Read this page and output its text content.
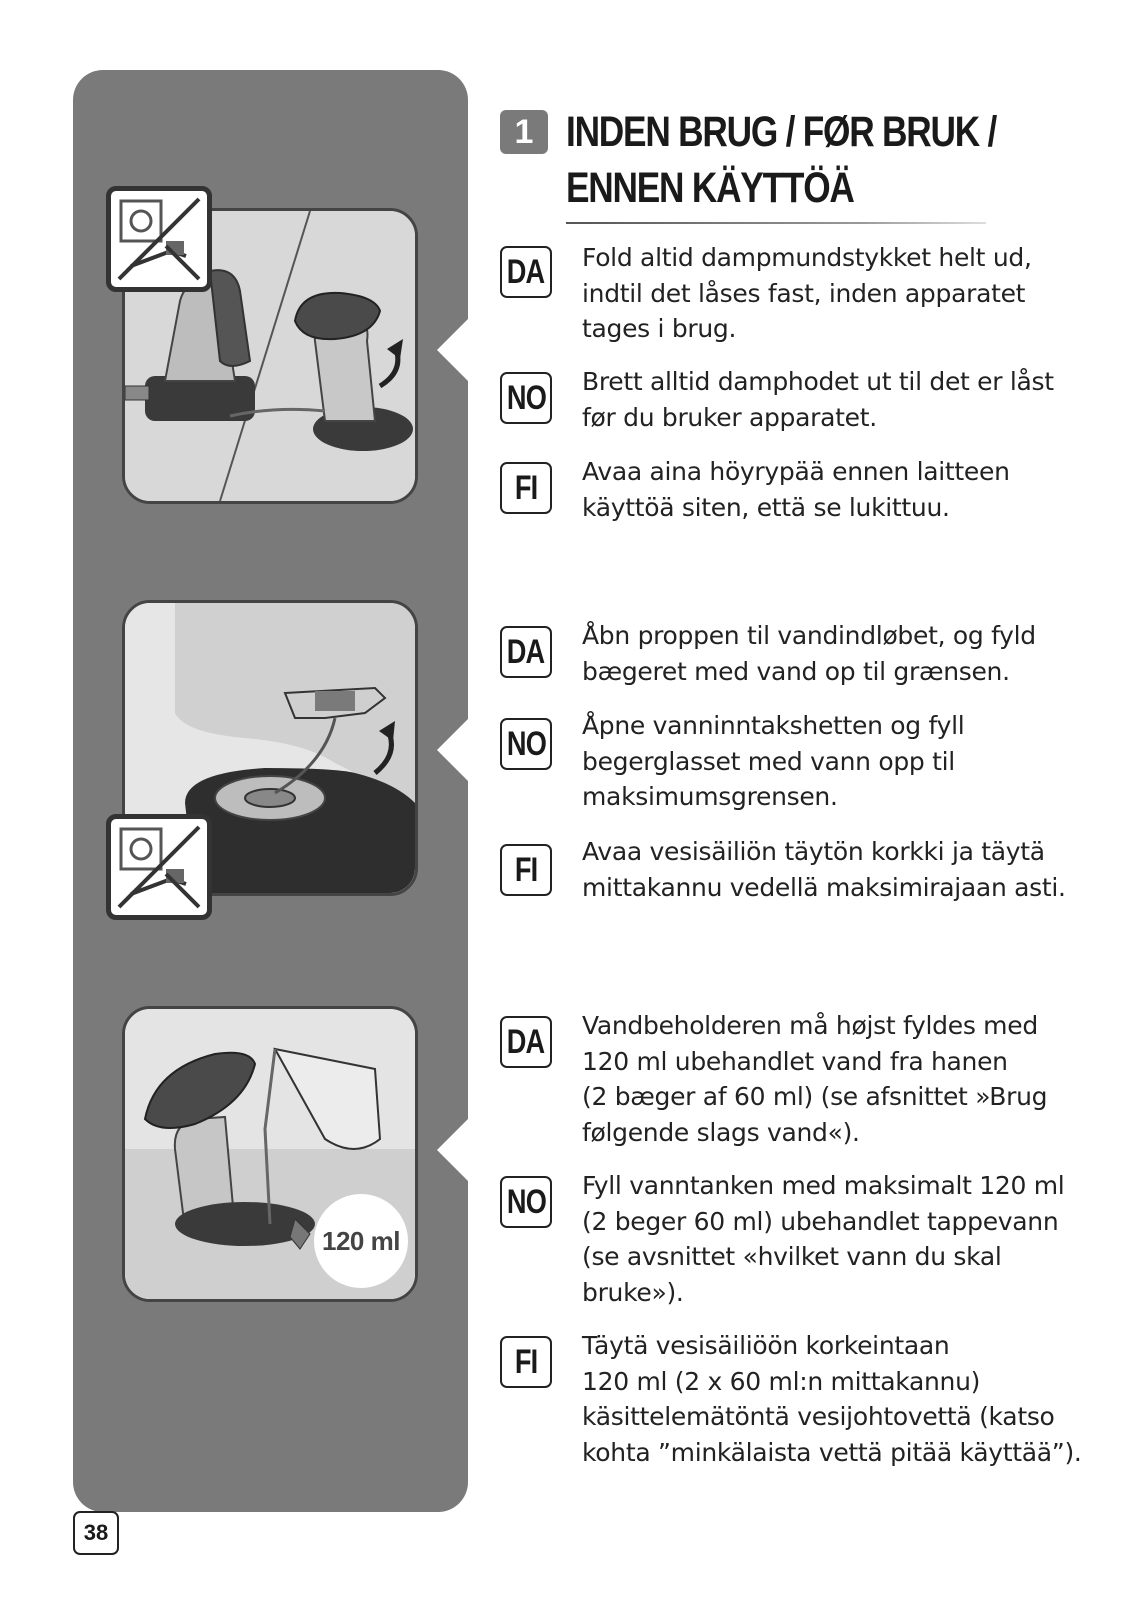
120 ml
1 INDEN BRUG / FØR BRUK /
ENNEN KÄYTTÖÄ
DA Fold altid dampmundstykket helt ud,
indtil det låses fast, inden apparatet
tages i brug.
NO Brett alltid damphodet ut til det er låst
før du bruker apparatet.
FI	Avaa aina höyrypää ennen laitteen
käyttöä siten, että se lukittuu.
DA Åbn proppen til vandindløbet, og fyld
bægeret med vand op til grænsen.
NO Åpne vanninntakshetten og fyll
begerglasset med vann opp til
maksimumsgrensen.
FI	Avaa vesisäiliön täytön korkki ja täytä
mittakannu vedellä maksimirajaan asti.
DA Vandbeholderen må højst fyldes med
120 ml ubehandlet vand fra hanen
(2 bæger af 60 ml) (se afsnittet »Brug
følgende slags vand«).
NO Fyll vanntanken med maksimalt 120 ml
(2 beger 60 ml) ubehandlet tappevann
(se avsnittet «hvilket vann du skal
bruke»).
FI	Täytä vesisäiliöön korkeintaan
120 ml (2 x 60 ml:n mittakannu)
käsittelemätöntä vesijohtovettä (katso
kohta ”minkälaista vettä pitää käyttää”).
38
